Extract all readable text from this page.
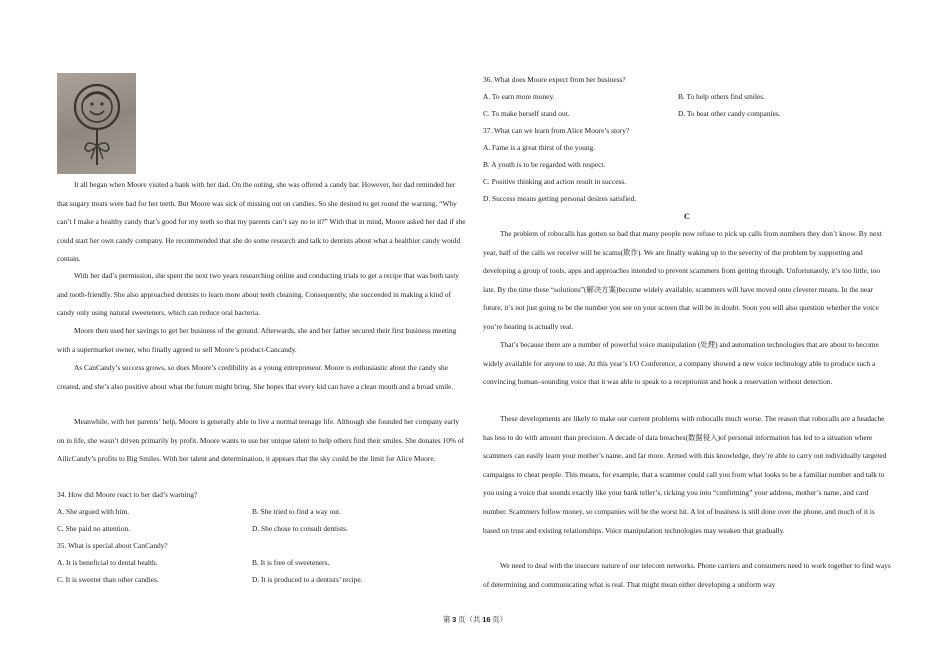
It all began when Moore visited a bank with her dad. On the outing, she was offered a candy bar. However, her dad reminded her that sugary treats were bad for her teeth. But Moore was sick of missing out on candies. So she desired to get round the warning, “Why can’t I make a healthy candy that’s good for my teeth so that my parents can’t say no to it?” With that in mind, Moore asked her dad if she could start her own candy company. He recommended that she do some research and talk to dentists about what a healthier candy would contain.

With her dad’s permission, she spent the next two years researching online and conducting trials to get a recipe that was both tasty and tooth-friendly. She also approached dentists to learn more about teeth cleaning. Consequently, she succeeded in making a kind of candy only using natural sweeteners, which can reduce oral bacteria.

Moore then used her savings to get her business of the ground. Afterwards, she and her father secured their first business meeting with a supermarket owner, who finally agreed to sell Moore’s product-Cancandy.

As CanCandy’s success grows, so does Moore’s credibility as a young entrepreneur. Moore is enthusiastic about the candy she created, and she’s also positive about what the future might bring. She hopes that every kid can have a clean mouth and a broad smile.

Meanwhile, with her parents’ help, Moore is generally able to live a normal teenage life. Although she founded her company early on in life, she wasn’t driven primarily by profit. Moore wants to use her unique talent to help others find their smiles. She donates 10% of AilicCandy’s profits to Big Smiles. With her talent and determination, it appears that the sky could be the limit for Alice Moore.

34. How did Moore react to her dad’s warning?
A. She argued with him.	B. She tried to find a way out.
C. She paid no attention.	D. She chose to consult dentists.
35. What is special about CanCandy?
A. It is beneficial to dental health.	B. It is free of sweeteners.
C. It is sweeter than other candies.	D. It is produced to a dentists’ recipe.
36. What does Moore expect from her business?
A. To earn more money.	B. To help others find smiles.
C. To make herself stand out.	D. To beat other candy companies.
37. What can we learn from Alice Moore’s story?
A. Fame is a great thirst of the young.
B. A youth is to be regarded with respect.
C. Positive thinking and action result in success.
D. Success means getting personal desires satisfied.
C

The problem of robocalls has gotten so bad that many people now refuse to pick up calls from numbers they don’t know. By next year, half of the calls we receive will be scams(欺诈). We are finally waking up to the severity of the problem by supporting and developing a group of tools, apps and approaches intended to prevent scammers from getting through. Unfortunately, it’s too little, too late. By the time these “solutions”(解决方案)become widely available, scammers will have moved onto cleverer means. In the near future, it’s not just going to be the number you see on your screen that will be in doubt. Soon you will also question whether the voice you’re hearing is actually real.

That’s because there are a number of powerful voice manipulation (处理) and automation technologies that are about to become widely available for anyone to use. At this year’s I/O Conference, a company showed a new voice technology able to produce such a convincing human–sounding voice that it was able to speak to a receptionist and book a reservation without detection.

These developments are likely to make our current problems with robocalls much worse. The reason that robocalls are a headache has less to do with amount than precision. A decade of data breaches(数据侵入)of personal information has led to a situation where scammers can easily learn your mother’s name, and far more. Armed with this knowledge, they’re able to carry out individually targeted campaigns to cheat people. This means, for example, that a scammer could call you from what looks to be a familiar number and talk to you using a voice that sounds exactly like your bank teller’s, ricking you into “confirming” your address, mother’s name, and card number. Scammers follow money, so companies will be the worst hit. A lot of business is still done over the phone, and much of it is based on trust and existing relationships. Voice manipulation technologies may weaken that gradually.

We need to deal with the insecure nature of our telecom networks. Phone carriers and consumers need to work together to find ways of determining and communicating what is real. That might mean either developing a uniform way

第 3 页（共 16 页）
